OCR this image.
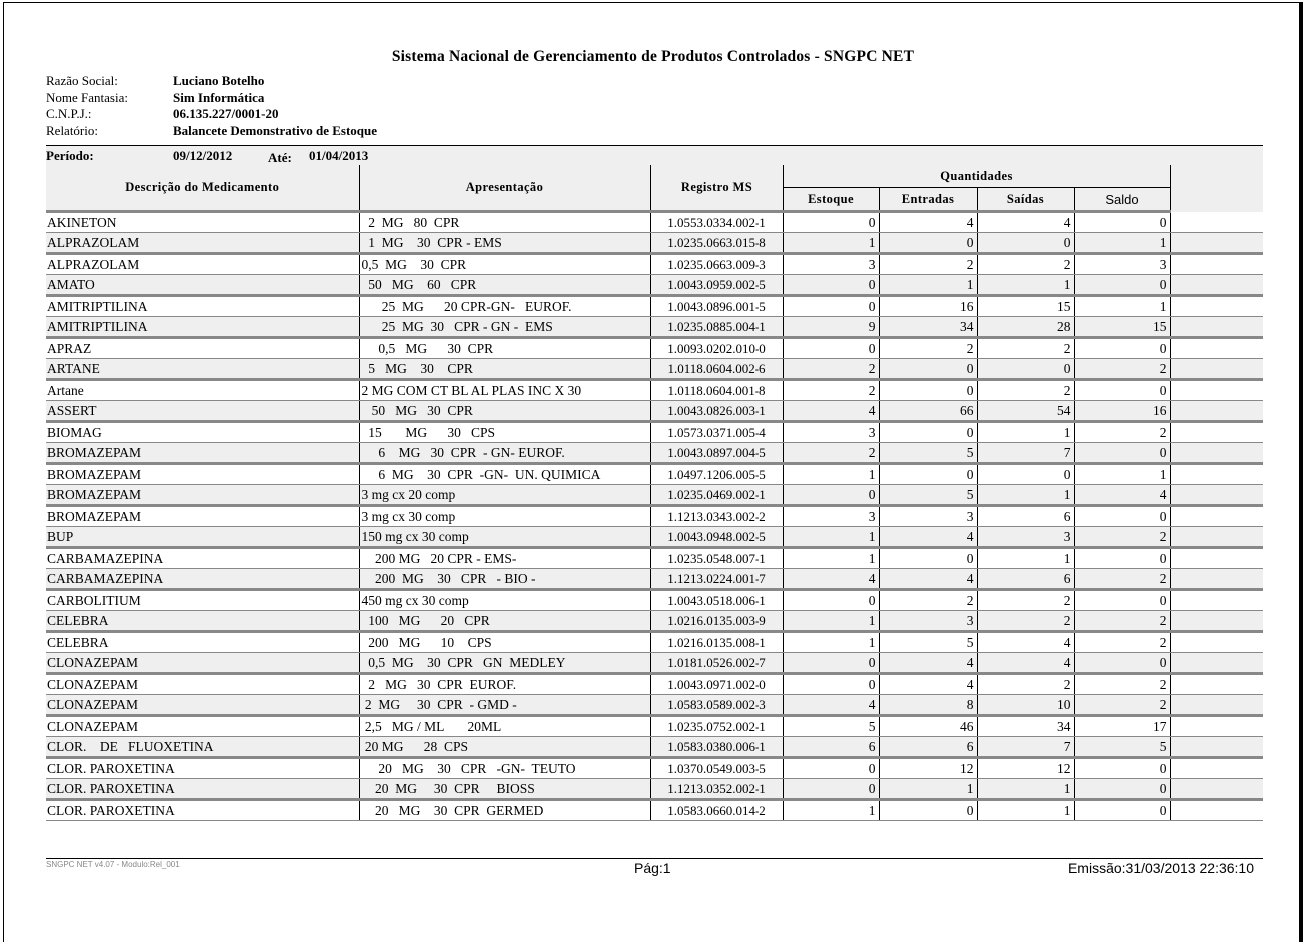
Sistema Nacional de Gerenciamento de Produtos Controlados - SNGPC NET
Razão Social:	Luciano Botelho
Nome Fantasia:	Sim Informática
C.N.P.J.:	06.135.227/0001-20
Relatório:	Balancete Demonstrativo de Estoque
Período:	09/12/2012	Até: 01/04/2013
Descrição do Medicamento	Apresentação	Registro MS	Quantidades				
			Estoque	Entradas	Saídas	Saldo	
AKINETON	2  MG   80  CPR	1.0553.0334.002-1	0	4	4	0	
ALPRAZOLAM	1  MG    30  CPR - EMS	1.0235.0663.015-8	1	0	0	1	
ALPRAZOLAM	0,5  MG    30  CPR	1.0235.0663.009-3	3	2	2	3	
AMATO	50   MG    60   CPR	1.0043.0959.002-5	0	1	1	0	
AMITRIPTILINA	25  MG      20 CPR-GN-   EUROF.	1.0043.0896.001-5	0	16	15	1	
AMITRIPTILINA	25  MG  30   CPR - GN -  EMS	1.0235.0885.004-1	9	34	28	15	
APRAZ	0,5   MG      30  CPR	1.0093.0202.010-0	0	2	2	0	
ARTANE	5   MG    30    CPR	1.0118.0604.002-6	2	0	0	2	
Artane	2 MG COM CT BL AL PLAS INC X 30	1.0118.0604.001-8	2	0	2	0	
ASSERT	50   MG   30  CPR	1.0043.0826.003-1	4	66	54	16	
BIOMAG	15       MG      30   CPS	1.0573.0371.005-4	3	0	1	2	
BROMAZEPAM	6    MG   30  CPR  - GN- EUROF.	1.0043.0897.004-5	2	5	7	0	
BROMAZEPAM	6  MG    30  CPR  -GN-  UN. QUIMICA	1.0497.1206.005-5	1	0	0	1	
BROMAZEPAM	3 mg cx 20 comp	1.0235.0469.002-1	0	5	1	4	
BROMAZEPAM	3 mg cx 30 comp	1.1213.0343.002-2	3	3	6	0	
BUP	150 mg cx 30 comp	1.0043.0948.002-5	1	4	3	2	
CARBAMAZEPINA	200 MG   20 CPR - EMS-	1.0235.0548.007-1	1	0	1	0	
CARBAMAZEPINA	200  MG    30   CPR   - BIO -	1.1213.0224.001-7	4	4	6	2	
CARBOLITIUM	450 mg cx 30 comp	1.0043.0518.006-1	0	2	2	0	
CELEBRA	100   MG      20   CPR	1.0216.0135.003-9	1	3	2	2	
CELEBRA	200   MG      10    CPS	1.0216.0135.008-1	1	5	4	2	
CLONAZEPAM	0,5  MG    30  CPR   GN  MEDLEY	1.0181.0526.002-7	0	4	4	0	
CLONAZEPAM	2   MG   30  CPR  EUROF.	1.0043.0971.002-0	0	4	2	2	
CLONAZEPAM	2  MG     30  CPR  - GMD -	1.0583.0589.002-3	4	8	10	2	
CLONAZEPAM	2,5   MG / ML       20ML	1.0235.0752.002-1	5	46	34	17	
CLOR.    DE   FLUOXETINA	20 MG      28  CPS	1.0583.0380.006-1	6	6	7	5	
CLOR. PAROXETINA	20   MG    30   CPR   -GN-  TEUTO	1.0370.0549.003-5	0	12	12	0	
CLOR. PAROXETINA	20  MG     30  CPR     BIOSS	1.1213.0352.002-1	0	1	1	0	
CLOR. PAROXETINA	20   MG    30  CPR  GERMED	1.0583.0660.014-2	1	0	1	0	
SNGPC NET v4.07 - Modulo:Rel_001	Pág:1	Emissão:31/03/2013 22:36:10
